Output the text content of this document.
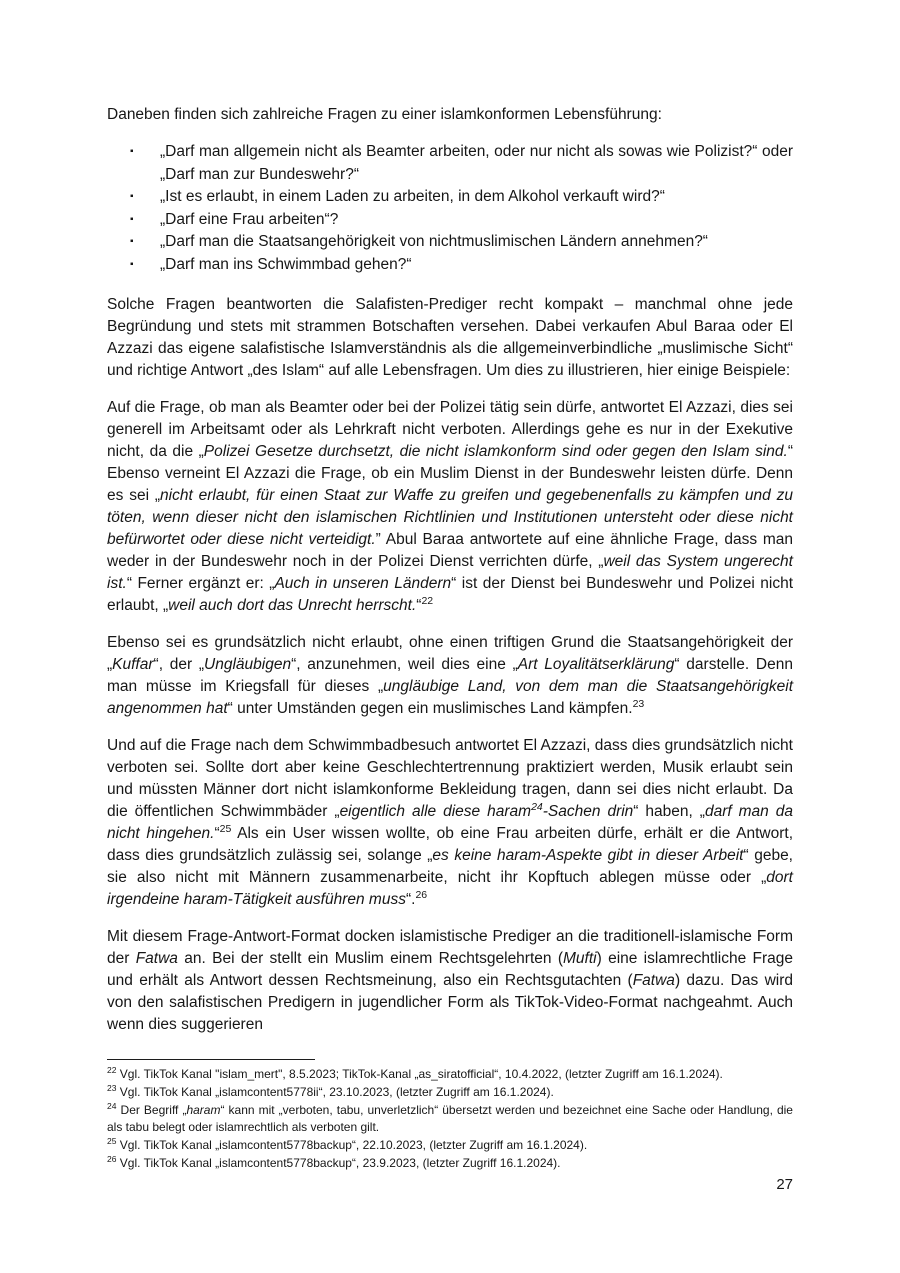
Daneben finden sich zahlreiche Fragen zu einer islamkonformen Lebensführung:

▪	„Darf man allgemein nicht als Beamter arbeiten, oder nur nicht als sowas wie Polizist?“ oder „Darf man zur Bundeswehr?“
▪	„Ist es erlaubt, in einem Laden zu arbeiten, in dem Alkohol verkauft wird?“
▪	„Darf eine Frau arbeiten“?
▪	„Darf man die Staatsangehörigkeit von nichtmuslimischen Ländern annehmen?“
▪	„Darf man ins Schwimmbad gehen?“

Solche Fragen beantworten die Salafisten-Prediger recht kompakt – manchmal ohne jede Begründung und stets mit strammen Botschaften versehen. Dabei verkaufen Abul Baraa oder El Azzazi das eigene salafistische Islamverständnis als die allgemeinverbindliche „muslimische Sicht“ und richtige Antwort „des Islam“ auf alle Lebensfragen. Um dies zu illustrieren, hier einige Beispiele:

Auf die Frage, ob man als Beamter oder bei der Polizei tätig sein dürfe, antwortet El Azzazi, dies sei generell im Arbeitsamt oder als Lehrkraft nicht verboten. Allerdings gehe es nur in der Exekutive nicht, da die „Polizei Gesetze durchsetzt, die nicht islamkonform sind oder gegen den Islam sind.“ Ebenso verneint El Azzazi die Frage, ob ein Muslim Dienst in der Bundeswehr leisten dürfe. Denn es sei „nicht erlaubt, für einen Staat zur Waffe zu greifen und gegebenenfalls zu kämpfen und zu töten, wenn dieser nicht den islamischen Richtlinien und Institutionen untersteht oder diese nicht befürwortet oder diese nicht verteidigt.” Abul Baraa antwortete auf eine ähnliche Frage, dass man weder in der Bundeswehr noch in der Polizei Dienst verrichten dürfe, „weil das System ungerecht ist.“ Ferner ergänzt er: „Auch in unseren Ländern“ ist der Dienst bei Bundeswehr und Polizei nicht erlaubt, „weil auch dort das Unrecht herrscht.“$^{22}$

Ebenso sei es grundsätzlich nicht erlaubt, ohne einen triftigen Grund die Staatsangehörigkeit der „Kuffar“, der „Ungläubigen“, anzunehmen, weil dies eine „Art Loyalitätserklärung“ darstelle. Denn man müsse im Kriegsfall für dieses „ungläubige Land, von dem man die Staatsangehörigkeit angenommen hat“ unter Umständen gegen ein muslimisches Land kämpfen.$^{23}$

Und auf die Frage nach dem Schwimmbadbesuch antwortet El Azzazi, dass dies grundsätzlich nicht verboten sei. Sollte dort aber keine Geschlechtertrennung praktiziert werden, Musik erlaubt sein und müssten Männer dort nicht islamkonforme Bekleidung tragen, dann sei dies nicht erlaubt. Da die öffentlichen Schwimmbäder „eigentlich alle diese haram$^{24}$-Sachen drin“ haben, „darf man da nicht hingehen.“$^{25}$ Als ein User wissen wollte, ob eine Frau arbeiten dürfe, erhält er die Antwort, dass dies grundsätzlich zulässig sei, solange „es keine haram-Aspekte gibt in dieser Arbeit“ gebe, sie also nicht mit Männern zusammenarbeite, nicht ihr Kopftuch ablegen müsse oder „dort irgendeine haram-Tätigkeit ausführen muss“.$^{26}$

Mit diesem Frage-Antwort-Format docken islamistische Prediger an die traditionell-islamische Form der Fatwa an. Bei der stellt ein Muslim einem Rechtsgelehrten (Mufti) eine islamrechtliche Frage und erhält als Antwort dessen Rechtsmeinung, also ein Rechtsgutachten (Fatwa) dazu. Das wird von den salafistischen Predigern in jugendlicher Form als TikTok-Video-Format nachgeahmt. Auch wenn dies suggerieren

$^{22}$ Vgl. TikTok Kanal "islam_mert", 8.5.2023; TikTok-Kanal „as_siratofficial“, 10.4.2022, (letzter Zugriff am 16.1.2024).
$^{23}$ Vgl. TikTok Kanal „islamcontent5778ii“, 23.10.2023, (letzter Zugriff am 16.1.2024).
$^{24}$ Der Begriff „haram“ kann mit „verboten, tabu, unverletzlich“ übersetzt werden und bezeichnet eine Sache oder Handlung, die als tabu belegt oder islamrechtlich als verboten gilt.
$^{25}$ Vgl. TikTok Kanal „islamcontent5778backup“, 22.10.2023, (letzter Zugriff am 16.1.2024).
$^{26}$ Vgl. TikTok Kanal „islamcontent5778backup“, 23.9.2023, (letzter Zugriff 16.1.2024).
27
